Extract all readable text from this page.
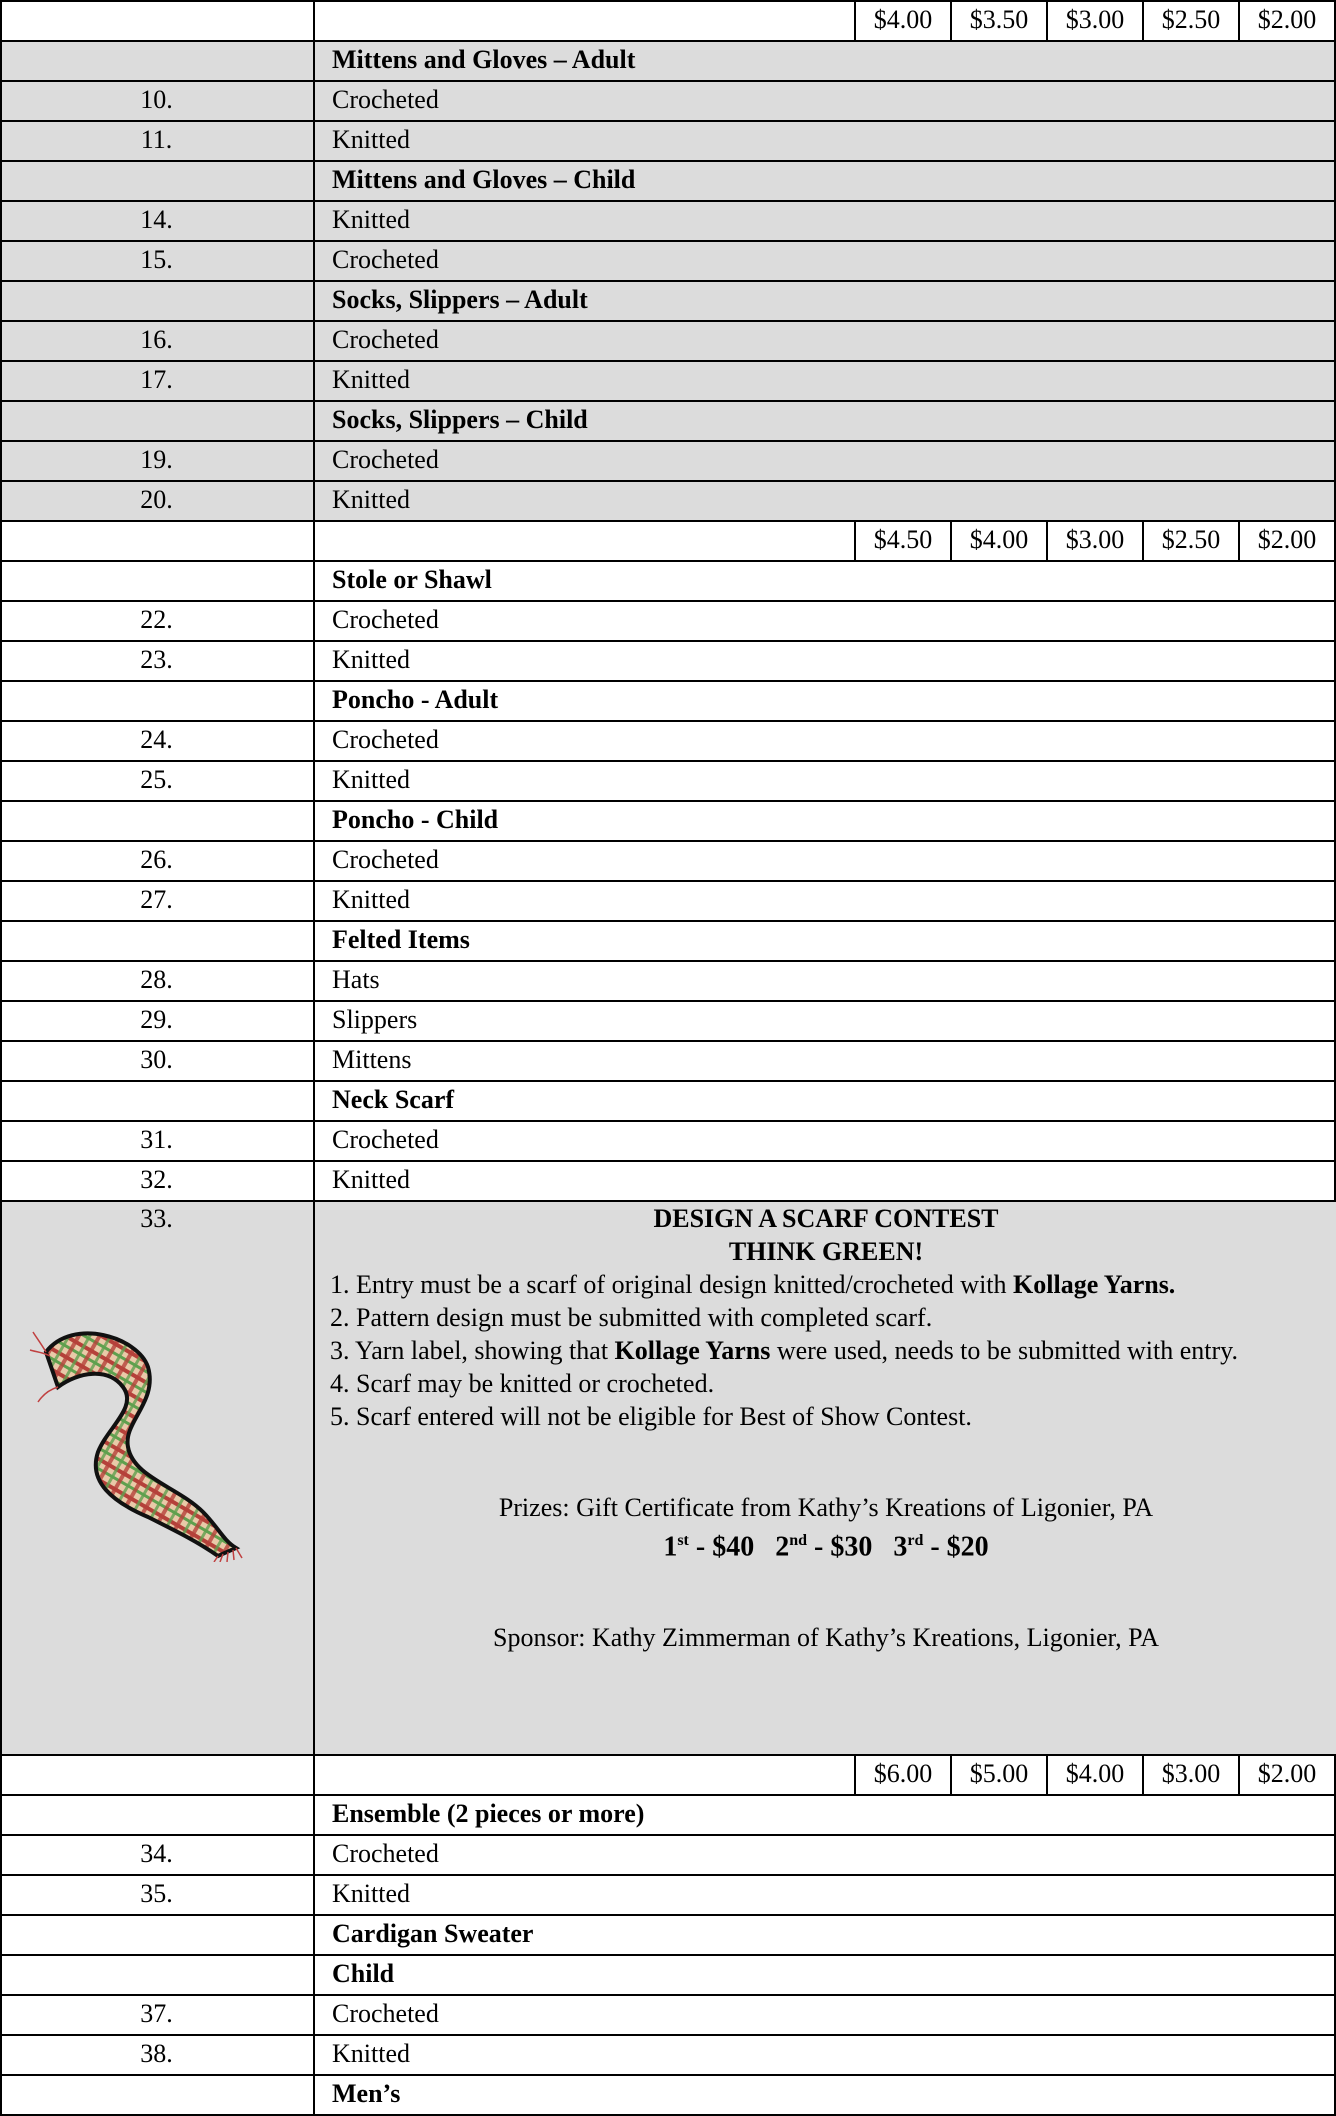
$4.00	$3.50	$3.00	$2.50	$2.00
Mittens and Gloves – Adult
10.	Crocheted
11.	Knitted
Mittens and Gloves – Child
14.	Knitted
15.	Crocheted
Socks, Slippers – Adult
16.	Crocheted
17.	Knitted
Socks, Slippers – Child
19.	Crocheted
20.	Knitted
$4.50	$4.00	$3.00	$2.50	$2.00
Stole or Shawl
22.	Crocheted
23.	Knitted
Poncho - Adult
24.	Crocheted
25.	Knitted
Poncho - Child
26.	Crocheted
27.	Knitted
Felted Items
28.	Hats
29.	Slippers
30.	Mittens
Neck Scarf
31.	Crocheted
32.	Knitted
33.	DESIGN A SCARF CONTEST
THINK GREEN!
1. Entry must be a scarf of original design knitted/crocheted with Kollage Yarns.
2. Pattern design must be submitted with completed scarf.
3. Yarn label, showing that Kollage Yarns were used, needs to be submitted with entry.
4. Scarf may be knitted or crocheted.
5. Scarf entered will not be eligible for Best of Show Contest.
Prizes: Gift Certificate from Kathy’s Kreations of Ligonier, PA
1st - $40 2nd - $30 3rd - $20
Sponsor: Kathy Zimmerman of Kathy’s Kreations, Ligonier, PA
$6.00	$5.00	$4.00	$3.00	$2.00
Ensemble (2 pieces or more)
34.	Crocheted
35.	Knitted
Cardigan Sweater
Child
37.	Crocheted
38.	Knitted
Men’s
